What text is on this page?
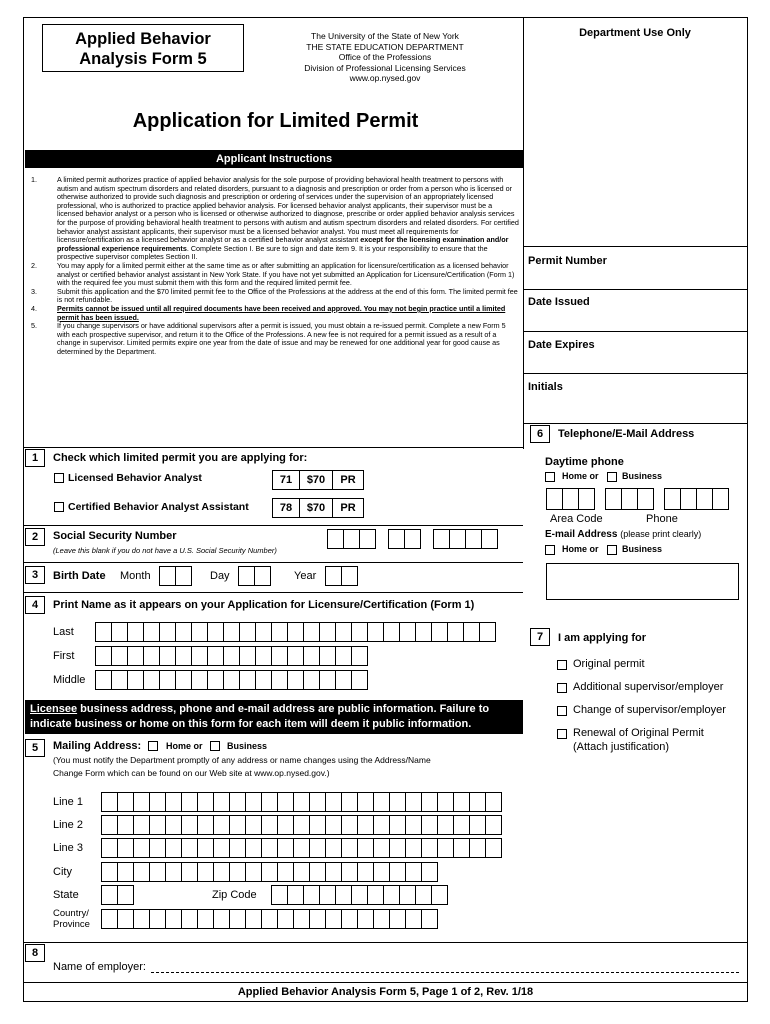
Applied Behavior
Analysis Form 5
The University of the State of New York
THE STATE EDUCATION DEPARTMENT
Office of the Professions
Division of Professional Licensing Services
www.op.nysed.gov
Department Use Only
Application for Limited Permit
Permit Number
Date Issued
Date Expires
Initials
Applicant Instructions

1.	A limited permit authorizes practice of applied behavior analysis for the sole purpose of providing behavioral health treatment to persons with autism and autism spectrum disorders and related disorders, pursuant to a diagnosis and prescription or order from a person who is licensed or otherwise authorized to provide such diagnosis and prescription or ordering of services under the supervision of an appropriately licensed professional, who is authorized to practice applied behavior analysis. For licensed behavior analyst applicants, their supervisor must be a licensed behavior analyst or a person who is licensed or otherwise authorized to diagnose, prescribe or order applied behavior analysis services for the purpose of providing behavioral health treatment to persons with autism and autism spectrum disorders and related disorders. For certified behavior analyst assistant applicants, their supervisor must be a licensed behavior analyst. You must meet all requirements for licensure/certification as a licensed behavior analyst or as a certified behavior analyst assistant except for the licensing examination and/or professional experience requirements. Complete Section I. Be sure to sign and date item 9. It is your responsibility to ensure that the prospective supervisor completes Section II.

2.	You may apply for a limited permit either at the same time as or after submitting an application for licensure/certification as a licensed behavior analyst or certified behavior analyst assistant in New York State. If you have not yet submitted an Application for Licensure/Certification (Form 1) with the required fee you must submit them with this form and the required limited permit fee.

3.	Submit this application and the $70 limited permit fee to the Office of the Professions at the address at the end of this form. The limited permit fee is not refundable.

4.	Permits cannot be issued until all required documents have been received and approved. You may not begin practice until a limited permit has been issued.

5.	If you change supervisors or have additional supervisors after a permit is issued, you must obtain a re-issued permit. Complete a new Form 5 with each prospective supervisor, and return it to the Office of the Professions. A new fee is not required for a permit issued as a result of a change in supervisor. Limited permits expire one year from the date of issue and may be renewed for one additional year for good cause as determined by the Department.

1	Check which limited permit you are applying for:
Licensed Behavior Analyst	71	$70	PR
Certified Behavior Analyst Assistant	78	$70	PR
2	Social Security Number
(Leave this blank if you do not have a U.S. Social Security Number)
3	Birth Date Month	Day	Year
4	Print Name as it appears on your Application for Licensure/Certification (Form 1)
Last
First
Middle
Licensee business address, phone and e-mail address are public information. Failure to
indicate business or home on this form for each item will deem it public information.
5	Mailing Address:	Home or	Business
(You must notify the Department promptly of any address or name changes using the Address/Name
Change Form which can be found on our Web site at www.op.nysed.gov.)
Line 1
Line 2
Line 3
City
State	Zip Code
Country/
Province
6	Telephone/E-Mail Address
Daytime phone
Home or	Business
Area Code	Phone
E-mail Address (please print clearly)
Home or	Business
7	I am applying for
Original permit
Additional supervisor/employer
Change of supervisor/employer
Renewal of Original Permit
(Attach justification)
8
Name of employer:
Applied Behavior Analysis Form 5, Page 1 of 2, Rev. 1/18
